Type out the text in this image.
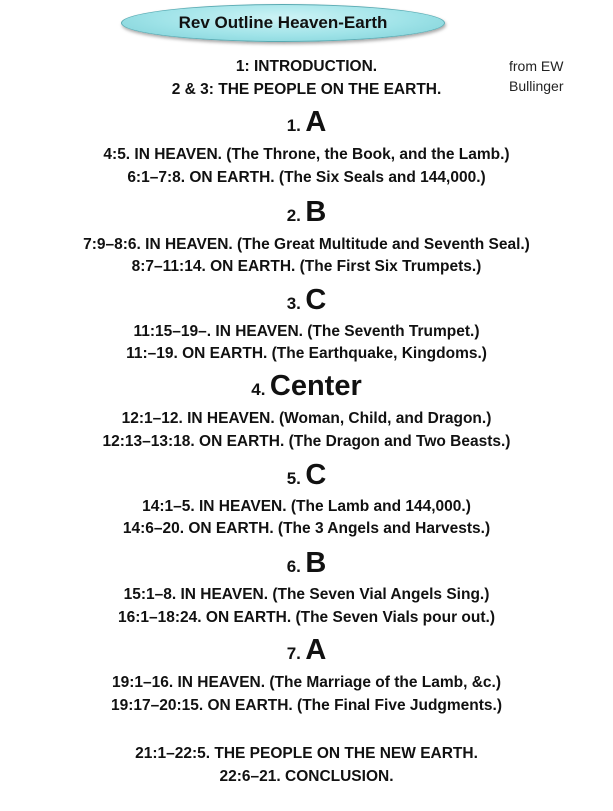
Rev Outline Heaven-Earth
from EW
Bullinger
1: INTRODUCTION.
2 & 3: THE PEOPLE ON THE EARTH.
1. A
4:5. IN HEAVEN. (The Throne, the Book, and the Lamb.)
6:1–7:8. ON EARTH. (The Six Seals and 144,000.)
2. B
7:9–8:6. IN HEAVEN. (The Great Multitude and Seventh Seal.)
8:7–11:14. ON EARTH. (The First Six Trumpets.)
3. C
11:15–19–. IN HEAVEN. (The Seventh Trumpet.)
11:–19. ON EARTH. (The Earthquake, Kingdoms.)
4. Center
12:1–12. IN HEAVEN. (Woman, Child, and Dragon.)
12:13–13:18. ON EARTH. (The Dragon and Two Beasts.)
5. C
14:1–5. IN HEAVEN. (The Lamb and 144,000.)
14:6–20. ON EARTH. (The 3 Angels and Harvests.)
6. B
15:1–8. IN HEAVEN. (The Seven Vial Angels Sing.)
16:1–18:24. ON EARTH. (The Seven Vials pour out.)
7. A
19:1–16. IN HEAVEN. (The Marriage of the Lamb, &c.)
19:17–20:15. ON EARTH. (The Final Five Judgments.)
21:1–22:5. THE PEOPLE ON THE NEW EARTH.
22:6–21. CONCLUSION.
